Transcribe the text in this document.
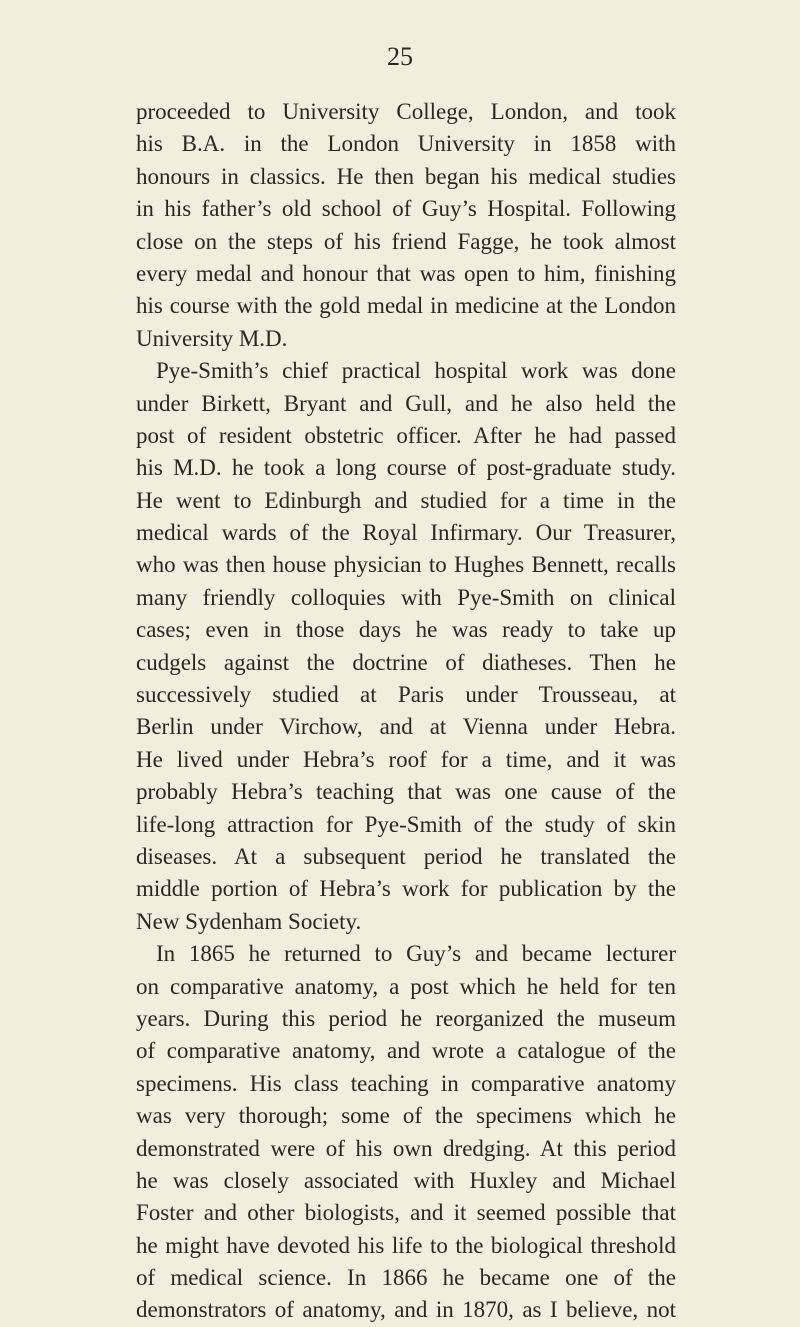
25
proceeded to University College, London, and took
his B.A. in the London University in 1858 with
honours in classics. He then began his medical studies
in his father’s old school of Guy’s Hospital. Following
close on the steps of his friend Fagge, he took almost
every medal and honour that was open to him, finishing
his course with the gold medal in medicine at the London
University M.D.
Pye-Smith’s chief practical hospital work was done
under Birkett, Bryant and Gull, and he also held the
post of resident obstetric officer. After he had passed
his M.D. he took a long course of post-graduate study.
He went to Edinburgh and studied for a time in the
medical wards of the Royal Infirmary. Our Treasurer,
who was then house physician to Hughes Bennett, recalls
many friendly colloquies with Pye-Smith on clinical
cases; even in those days he was ready to take up
cudgels against the doctrine of diatheses. Then he
successively studied at Paris under Trousseau, at
Berlin under Virchow, and at Vienna under Hebra.
He lived under Hebra’s roof for a time, and it was
probably Hebra’s teaching that was one cause of the
life-long attraction for Pye-Smith of the study of skin
diseases. At a subsequent period he translated the
middle portion of Hebra’s work for publication by the
New Sydenham Society.
In 1865 he returned to Guy’s and became lecturer
on comparative anatomy, a post which he held for ten
years. During this period he reorganized the museum
of comparative anatomy, and wrote a catalogue of the
specimens. His class teaching in comparative anatomy
was very thorough; some of the specimens which he
demonstrated were of his own dredging. At this period
he was closely associated with Huxley and Michael
Foster and other biologists, and it seemed possible that
he might have devoted his life to the biological threshold
of medical science. In 1866 he became one of the
demonstrators of anatomy, and in 1870, as I believe, not
